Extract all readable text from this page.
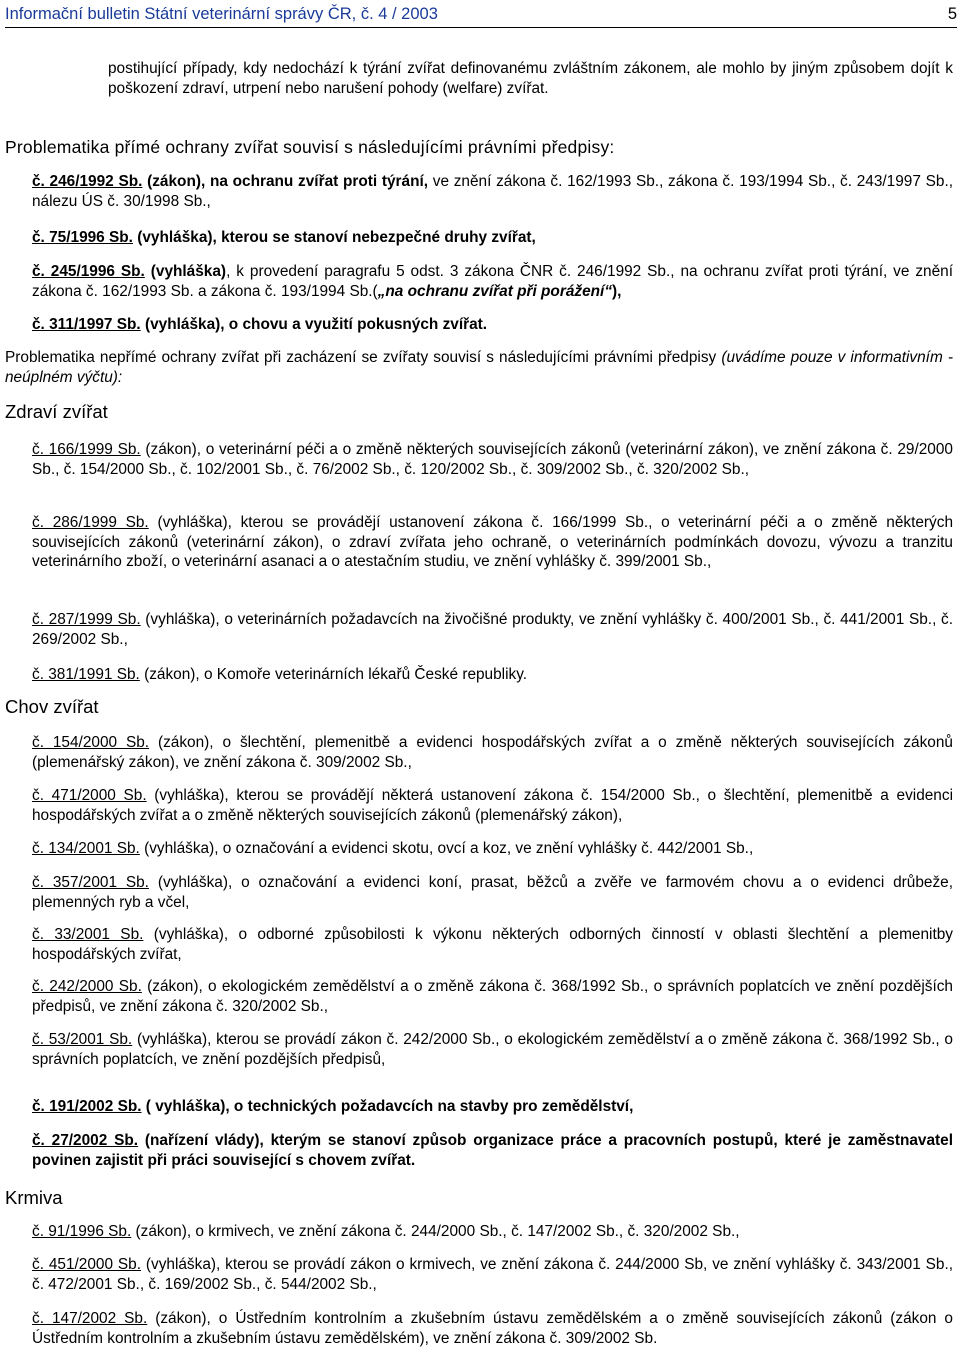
Informační bulletin Státní veterinární správy ČR, č. 4 / 2003	5
postihující případy, kdy nedochází k týrání zvířat definovanému zvláštním zákonem, ale mohlo by jiným způsobem dojít k poškození zdraví, utrpení nebo narušení pohody (welfare) zvířat.
Problematika přímé ochrany zvířat souvisí s následujícími právními předpisy:
č. 246/1992 Sb. (zákon), na ochranu zvířat proti týrání, ve znění zákona č. 162/1993 Sb., zákona č. 193/1994 Sb., č. 243/1997 Sb., nálezu ÚS č. 30/1998 Sb.,
č. 75/1996 Sb. (vyhláška), kterou se stanoví nebezpečné druhy zvířat,
č. 245/1996 Sb. (vyhláška), k provedení paragrafu 5 odst. 3 zákona ČNR č. 246/1992 Sb., na ochranu zvířat proti týrání, ve znění zákona č. 162/1993 Sb. a zákona č. 193/1994 Sb.(„na ochranu zvířat při porážení“),
č. 311/1997 Sb. (vyhláška), o chovu a využití pokusných zvířat.
Problematika nepřímé ochrany zvířat při zacházení se zvířaty souvisí s následujícími právními předpisy (uvádíme pouze v informativním - neúplném výčtu):
Zdraví zvířat
č. 166/1999 Sb. (zákon), o veterinární péči a o změně některých souvisejících zákonů (veterinární zákon), ve znění zákona č. 29/2000 Sb., č. 154/2000 Sb., č. 102/2001 Sb., č. 76/2002 Sb., č. 120/2002 Sb., č. 309/2002 Sb., č. 320/2002 Sb.,
č. 286/1999 Sb. (vyhláška), kterou se provádějí ustanovení zákona č. 166/1999 Sb., o veterinární péči a o změně některých souvisejících zákonů (veterinární zákon), o zdraví zvířata jeho ochraně, o veterinárních podmínkách dovozu, vývozu a tranzitu veterinárního zboží, o veterinární asanaci a o atestačním studiu, ve znění vyhlášky č. 399/2001 Sb.,
č. 287/1999 Sb. (vyhláška), o veterinárních požadavcích na živočišné produkty, ve znění vyhlášky č. 400/2001 Sb., č. 441/2001 Sb., č. 269/2002 Sb.,
č. 381/1991 Sb. (zákon), o Komoře veterinárních lékařů České republiky.
Chov zvířat
č. 154/2000 Sb. (zákon), o šlechtění, plemenitbě a evidenci hospodářských zvířat a o změně některých souvisejících zákonů (plemenářský zákon), ve znění zákona č. 309/2002 Sb.,
č. 471/2000 Sb. (vyhláška), kterou se provádějí některá ustanovení zákona č. 154/2000 Sb., o šlechtění, plemenitbě a evidenci hospodářských zvířat a o změně některých souvisejících zákonů (plemenářský zákon),
č. 134/2001 Sb. (vyhláška), o označování a evidenci skotu, ovcí a koz, ve znění vyhlášky č. 442/2001 Sb.,
č. 357/2001 Sb. (vyhláška), o označování a evidenci koní, prasat, běžců a zvěře ve farmovém chovu a o evidenci drůbeže, plemenných ryb a včel,
č. 33/2001 Sb. (vyhláška), o odborné způsobilosti k výkonu některých odborných činností v oblasti šlechtění a plemenitby hospodářských zvířat,
č. 242/2000 Sb. (zákon), o ekologickém zemědělství a o změně zákona č. 368/1992 Sb., o správních poplatcích ve znění pozdějších předpisů, ve znění zákona č. 320/2002 Sb.,
č. 53/2001 Sb. (vyhláška), kterou se provádí zákon č. 242/2000 Sb., o ekologickém zemědělství a o změně zákona č. 368/1992 Sb., o správních poplatcích, ve znění pozdějších předpisů,
č. 191/2002 Sb. ( vyhláška), o technických požadavcích na stavby pro zemědělství,
č. 27/2002 Sb. (nařízení vlády), kterým se stanoví způsob organizace práce a pracovních postupů, které je zaměstnavatel povinen zajistit při práci související s chovem zvířat.
Krmiva
č. 91/1996 Sb. (zákon), o krmivech, ve znění zákona č. 244/2000 Sb., č. 147/2002 Sb., č. 320/2002 Sb.,
č. 451/2000 Sb. (vyhláška), kterou se provádí zákon o krmivech, ve znění zákona č. 244/2000 Sb, ve znění vyhlášky č. 343/2001 Sb., č. 472/2001 Sb., č. 169/2002 Sb., č. 544/2002 Sb.,
č. 147/2002 Sb. (zákon), o Ústředním kontrolním a zkušebním ústavu zemědělském a o změně souvisejících zákonů (zákon o Ústředním kontrolním a zkušebním ústavu zemědělském), ve znění zákona č. 309/2002 Sb.
